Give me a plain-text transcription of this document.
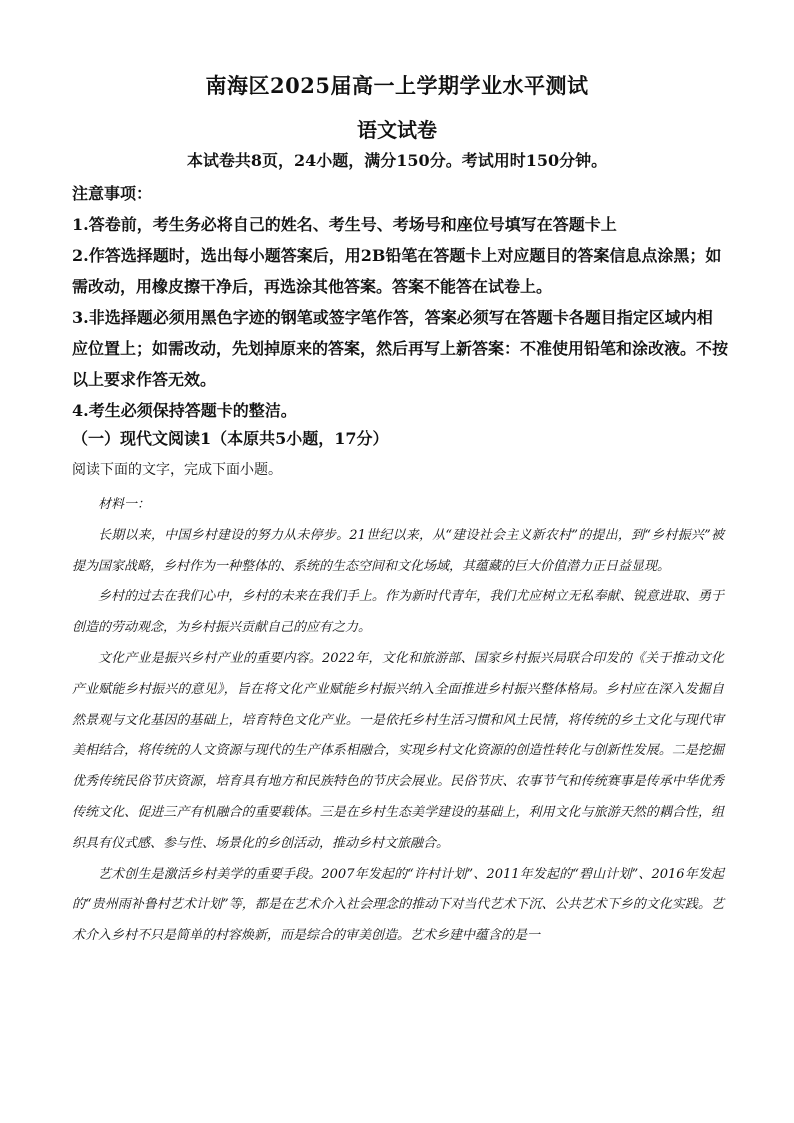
南海区2025届高一上学期学业水平测试
语文试卷
本试卷共8页，24小题，满分150分。考试用时150分钟。

注意事项：

1.答卷前，考生务必将自己的姓名、考生号、考场号和座位号填写在答题卡上

2.作答选择题时，选出每小题答案后，用2B铅笔在答题卡上对应题目的答案信息点涂黑；如需改动，用橡皮擦干净后，再选涂其他答案。答案不能答在试卷上。

3.非选择题必须用黑色字迹的钢笔或签字笔作答，答案必须写在答题卡各题目指定区域内相应位置上；如需改动，先划掉原来的答案，然后再写上新答案：不准使用铅笔和涂改液。不按以上要求作答无效。

4.考生必须保持答题卡的整洁。

（一）现代文阅读1（本原共5小题，17分）
阅读下面的文字，完成下面小题。

材料一：

长期以来，中国乡村建设的努力从未停步。21世纪以来，从“建设社会主义新农村”的提出，到“乡村振兴”被提为国家战略，乡村作为一种整体的、系统的生态空间和文化场域，其蕴藏的巨大价值潜力正日益显现。

乡村的过去在我们心中，乡村的未来在我们手上。作为新时代青年，我们尤应树立无私奉献、锐意进取、勇于创造的劳动观念，为乡村振兴贡献自己的应有之力。

文化产业是振兴乡村产业的重要内容。2022年，文化和旅游部、国家乡村振兴局联合印发的《关于推动文化产业赋能乡村振兴的意见》，旨在将文化产业赋能乡村振兴纳入全面推进乡村振兴整体格局。乡村应在深入发掘自然景观与文化基因的基础上，培育特色文化产业。一是依托乡村生活习惯和风土民情，将传统的乡土文化与现代审美相结合，将传统的人文资源与现代的生产体系相融合，实现乡村文化资源的创造性转化与创新性发展。二是挖掘优秀传统民俗节庆资源，培育具有地方和民族特色的节庆会展业。民俗节庆、农事节气和传统赛事是传承中华优秀传统文化、促进三产有机融合的重要载体。三是在乡村生态美学建设的基础上，利用文化与旅游天然的耦合性，组织具有仪式感、参与性、场景化的乡创活动，推动乡村文旅融合。

艺术创生是激活乡村美学的重要手段。2007年发起的“许村计划”、2011年发起的“碧山计划”、2016年发起的“贵州雨补鲁村艺术计划”等，都是在艺术介入社会理念的推动下对当代艺术下沉、公共艺术下乡的文化实践。艺术介入乡村不只是简单的村容焕新，而是综合的审美创造。艺术乡建中蕴含的是一
